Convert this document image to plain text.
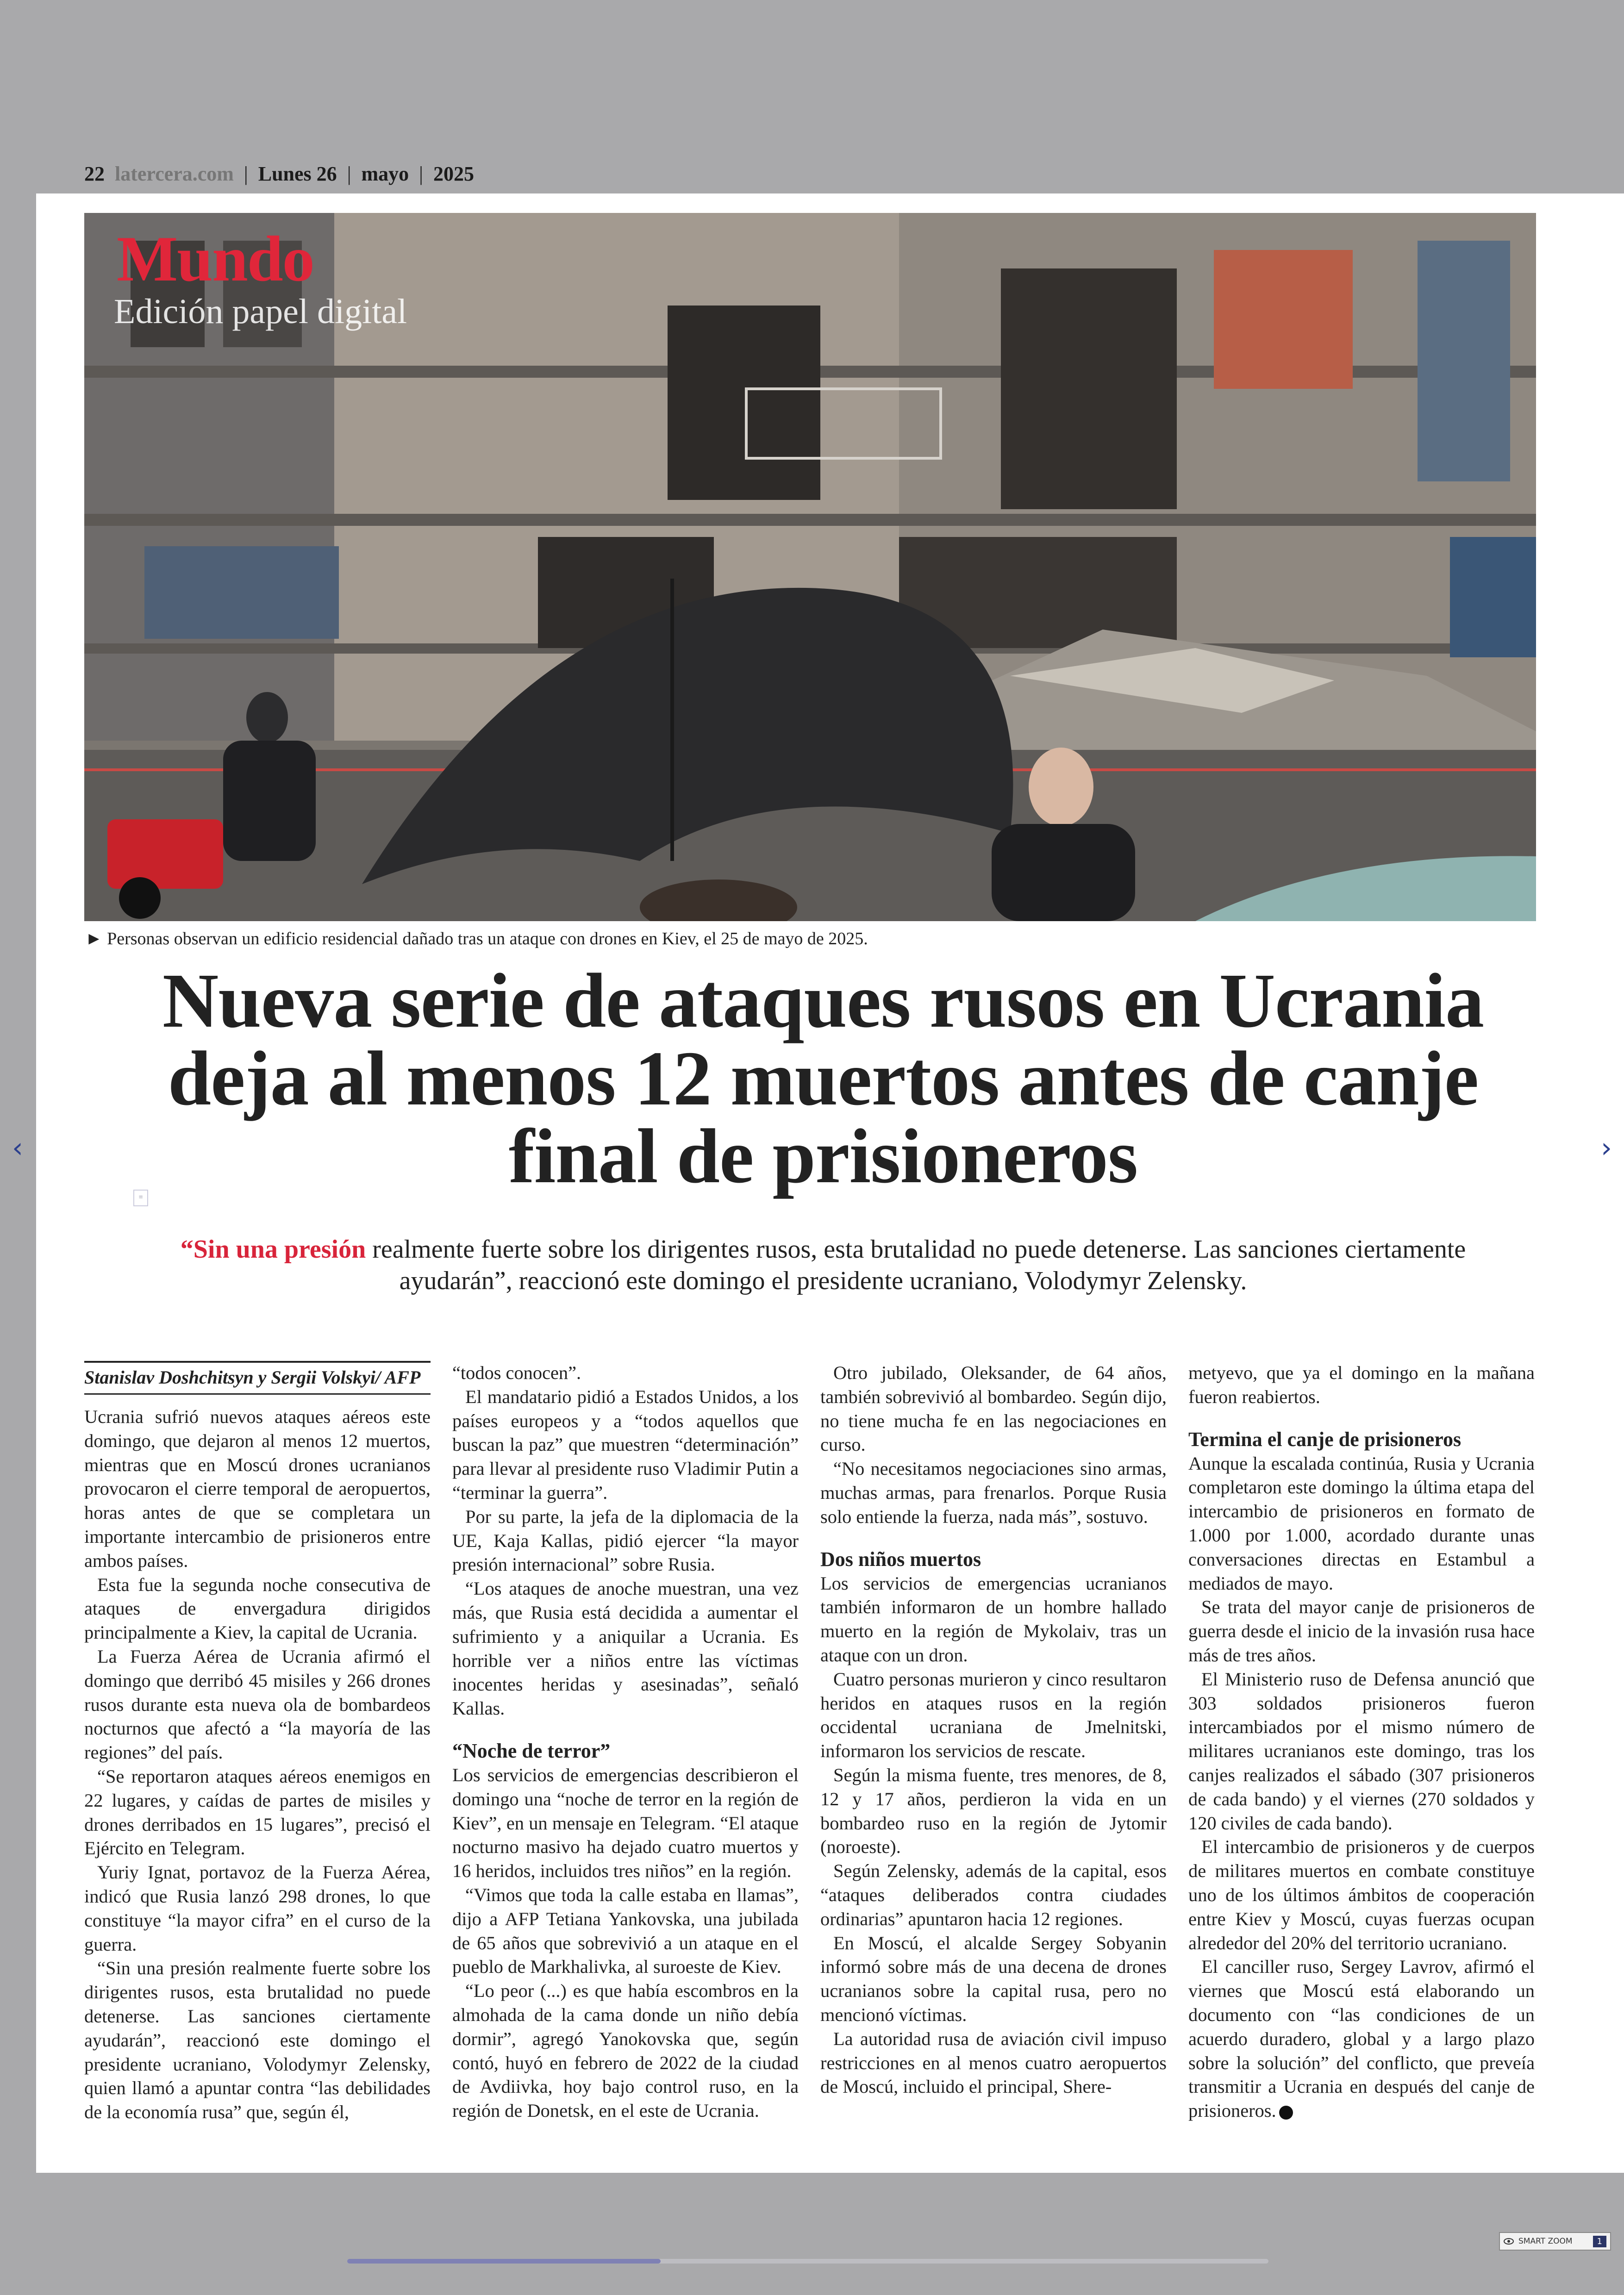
22 latercera.com | Lunes 26 | mayo | 2025
Mundo
Edición papel digital
► Personas observan un edificio residencial dañado tras un ataque con drones en Kiev, el 25 de mayo de 2025.
Nueva serie de ataques rusos en Ucrania deja al menos 12 muertos antes de canje final de prisioneros
≡
“Sin una presión realmente fuerte sobre los dirigentes rusos, esta brutalidad no puede detenerse. Las sanciones ciertamente ayudarán”, reaccionó este domingo el presidente ucraniano, Volodymyr Zelensky.
Stanislav Doshchitsyn y Sergii Volskyi/ AFP

Ucrania sufrió nuevos ataques aéreos este domingo, que dejaron al menos 12 muertos, mientras que en Moscú drones ucranianos provocaron el cierre temporal de aeropuertos, horas antes de que se completara un importante intercambio de prisioneros entre ambos países.

Esta fue la segunda noche consecutiva de ataques de envergadura dirigidos principalmente a Kiev, la capital de Ucrania.

La Fuerza Aérea de Ucrania afirmó el domingo que derribó 45 misiles y 266 drones rusos durante esta nueva ola de bombardeos nocturnos que afectó a “la mayoría de las regiones” del país.

“Se reportaron ataques aéreos enemigos en 22 lugares, y caídas de partes de misiles y drones derribados en 15 lugares”, precisó el Ejército en Telegram.

Yuriy Ignat, portavoz de la Fuerza Aérea, indicó que Rusia lanzó 298 drones, lo que constituye “la mayor cifra” en el curso de la guerra.

“Sin una presión realmente fuerte sobre los dirigentes rusos, esta brutalidad no puede detenerse. Las sanciones ciertamente ayudarán”, reaccionó este domingo el presidente ucraniano, Volodymyr Zelensky, quien llamó a apuntar contra “las debilidades de la economía rusa” que, según él,

“todos conocen”.

El mandatario pidió a Estados Unidos, a los países europeos y a “todos aquellos que buscan la paz” que muestren “determinación” para llevar al presidente ruso Vladimir Putin a “terminar la guerra”.

Por su parte, la jefa de la diplomacia de la UE, Kaja Kallas, pidió ejercer “la mayor presión internacional” sobre Rusia.

“Los ataques de anoche muestran, una vez más, que Rusia está decidida a aumentar el sufrimiento y a aniquilar a Ucrania. Es horrible ver a niños entre las víctimas inocentes heridas y asesinadas”, señaló Kallas.

“Noche de terror”

Los servicios de emergencias describieron el domingo una “noche de terror en la región de Kiev”, en un mensaje en Telegram. “El ataque nocturno masivo ha dejado cuatro muertos y 16 heridos, incluidos tres niños” en la región.

“Vimos que toda la calle estaba en llamas”, dijo a AFP Tetiana Yankovska, una jubilada de 65 años que sobrevivió a un ataque en el pueblo de Markhalivka, al suroeste de Kiev.

“Lo peor (...) es que había escombros en la almohada de la cama donde un niño debía dormir”, agregó Yanokovska que, según contó, huyó en febrero de 2022 de la ciudad de Avdiivka, hoy bajo control ruso, en la región de Donetsk, en el este de Ucrania.

Otro jubilado, Oleksander, de 64 años, también sobrevivió al bombardeo. Según dijo, no tiene mucha fe en las negociaciones en curso.

“No necesitamos negociaciones sino armas, muchas armas, para frenarlos. Porque Rusia solo entiende la fuerza, nada más”, sostuvo.

Dos niños muertos

Los servicios de emergencias ucranianos también informaron de un hombre hallado muerto en la región de Mykolaiv, tras un ataque con un dron.

Cuatro personas murieron y cinco resultaron heridos en ataques rusos en la región occidental ucraniana de Jmelnitski, informaron los servicios de rescate.

Según la misma fuente, tres menores, de 8, 12 y 17 años, perdieron la vida en un bombardeo ruso en la región de Jytomir (noroeste).

Según Zelensky, además de la capital, esos “ataques deliberados contra ciudades ordinarias” apuntaron hacia 12 regiones.

En Moscú, el alcalde Sergey Sobyanin informó sobre más de una decena de drones ucranianos sobre la capital rusa, pero no mencionó víctimas.

La autoridad rusa de aviación civil impuso restricciones en al menos cuatro aeropuertos de Moscú, incluido el principal, Shere-

metyevo, que ya el domingo en la mañana fueron reabiertos.

Termina el canje de prisioneros

Aunque la escalada continúa, Rusia y Ucrania completaron este domingo la última etapa del intercambio de prisioneros en formato de 1.000 por 1.000, acordado durante unas conversaciones directas en Estambul a mediados de mayo.

Se trata del mayor canje de prisioneros de guerra desde el inicio de la invasión rusa hace más de tres años.

El Ministerio ruso de Defensa anunció que 303 soldados prisioneros fueron intercambiados por el mismo número de militares ucranianos este domingo, tras los canjes realizados el sábado (307 prisioneros de cada bando) y el viernes (270 soldados y 120 civiles de cada bando).

El intercambio de prisioneros y de cuerpos de militares muertos en combate constituye uno de los últimos ámbitos de cooperación entre Kiev y Moscú, cuyas fuerzas ocupan alrededor del 20% del territorio ucraniano.

El canciller ruso, Sergey Lavrov, afirmó el viernes que Moscú está elaborando un documento con “las condiciones de un acuerdo duradero, global y a largo plazo sobre la solución” del conflicto, que preveía transmitir a Ucrania en después del canje de prisioneros.

‹	›
SMART ZOOM	1
